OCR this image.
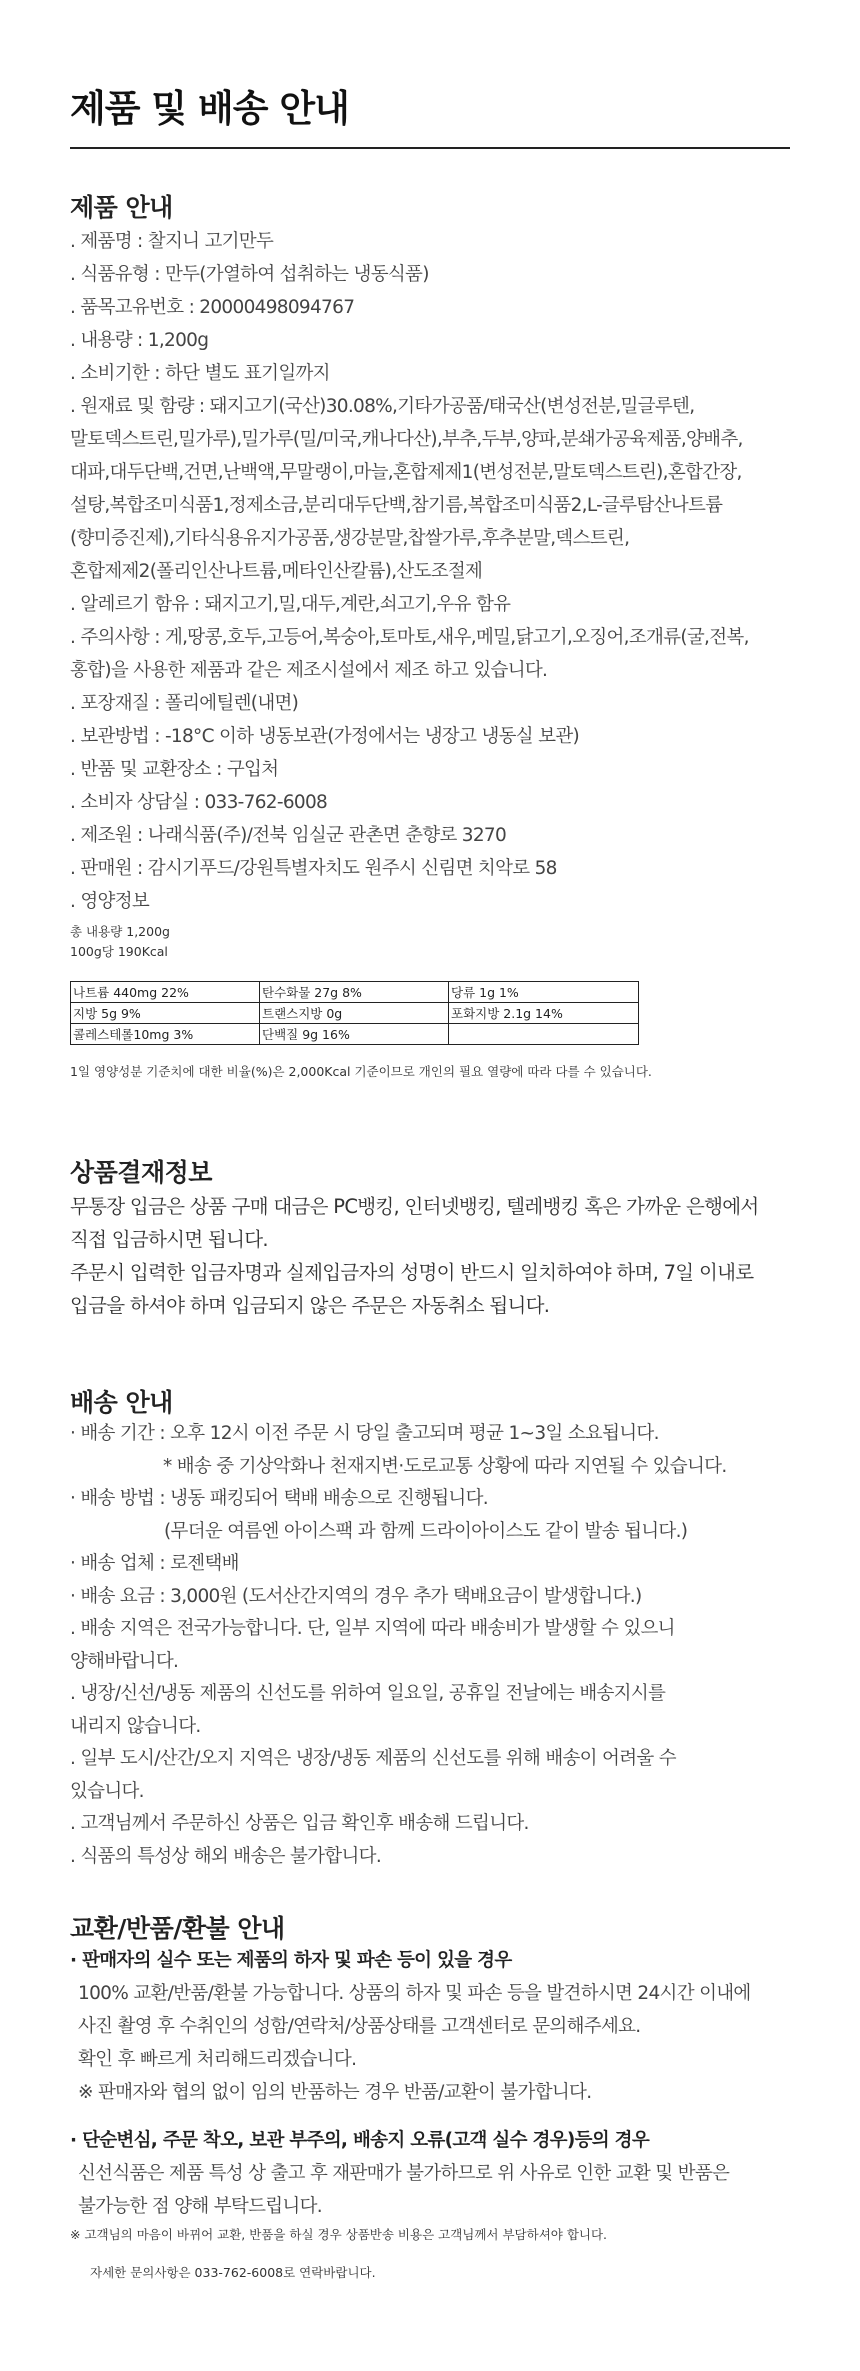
제품 및 배송 안내
제품 안내
. 제품명 : 찰지니 고기만두
. 식품유형 : 만두(가열하여 섭취하는 냉동식품)
. 품목고유번호 : 20000498094767
. 내용량 : 1,200g
. 소비기한 : 하단 별도 표기일까지
. 원재료 및 함량 : 돼지고기(국산)30.08%,기타가공품/태국산(변성전분,밀글루텐,
말토덱스트린,밀가루),밀가루(밀/미국,캐나다산),부추,두부,양파,분쇄가공육제품,양배추,
대파,대두단백,건면,난백액,무말랭이,마늘,혼합제제1(변성전분,말토덱스트린),혼합간장,
설탕,복합조미식품1,정제소금,분리대두단백,참기름,복합조미식품2,L-글루탐산나트륨
(향미증진제),기타식용유지가공품,생강분말,찹쌀가루,후추분말,덱스트린,
혼합제제2(폴리인산나트륨,메타인산칼륨),산도조절제
. 알레르기 함유 : 돼지고기,밀,대두,계란,쇠고기,우유 함유
. 주의사항 : 게,땅콩,호두,고등어,복숭아,토마토,새우,메밀,닭고기,오징어,조개류(굴,전복,
홍합)을 사용한 제품과 같은 제조시설에서 제조 하고 있습니다.
. 포장재질 : 폴리에틸렌(내면)
. 보관방법 : -18°C 이하 냉동보관(가정에서는 냉장고 냉동실 보관)
. 반품 및 교환장소 : 구입처
. 소비자 상담실 : 033-762-6008
. 제조원 : 나래식품(주)/전북 임실군 관촌면 춘향로 3270
. 판매원 : 감시기푸드/강원특별자치도 원주시 신림면 치악로 58
. 영양정보
총 내용량 1,200g
100g당 190Kcal
나트륨 440mg 22%	탄수화물 27g 8%	당류 1g 1%
지방 5g 9%	트랜스지방 0g	포화지방 2.1g 14%
콜레스테롤10mg 3%	단백질 9g 16%	
1일 영양성분 기준치에 대한 비율(%)은 2,000Kcal 기준이므로 개인의 필요 열량에 따라 다를 수 있습니다.
상품결재정보
무통장 입금은 상품 구매 대금은 PC뱅킹, 인터넷뱅킹, 텔레뱅킹 혹은 가까운 은행에서
직접 입금하시면 됩니다.
주문시 입력한 입금자명과 실제입금자의 성명이 반드시 일치하여야 하며, 7일 이내로
입금을 하셔야 하며 입금되지 않은 주문은 자동취소 됩니다.
배송 안내
· 배송 기간 : 오후 12시 이전 주문 시 당일 출고되며 평균 1~3일 소요됩니다.
* 배송 중 기상악화나 천재지변·도로교통 상황에 따라 지연될 수 있습니다.
· 배송 방법 : 냉동 패킹되어 택배 배송으로 진행됩니다.
(무더운 여름엔 아이스팩 과 함께 드라이아이스도 같이 발송 됩니다.)
· 배송 업체 : 로젠택배
· 배송 요금 : 3,000원 (도서산간지역의 경우 추가 택배요금이 발생합니다.)
. 배송 지역은 전국가능합니다. 단, 일부 지역에 따라 배송비가 발생할 수 있으니
양해바랍니다.
. 냉장/신선/냉동 제품의 신선도를 위하여 일요일, 공휴일 전날에는 배송지시를
내리지 않습니다.
. 일부 도시/산간/오지 지역은 냉장/냉동 제품의 신선도를 위해 배송이 어려울 수
있습니다.
. 고객님께서 주문하신 상품은 입금 확인후 배송해 드립니다.
. 식품의 특성상 해외 배송은 불가합니다.
교환/반품/환불 안내
· 판매자의 실수 또는 제품의 하자 및 파손 등이 있을 경우
100% 교환/반품/환불 가능합니다. 상품의 하자 및 파손 등을 발견하시면 24시간 이내에
사진 촬영 후 수취인의 성함/연락처/상품상태를 고객센터로 문의해주세요.
확인 후 빠르게 처리해드리겠습니다.
※ 판매자와 협의 없이 임의 반품하는 경우 반품/교환이 불가합니다.
· 단순변심, 주문 착오, 보관 부주의, 배송지 오류(고객 실수 경우)등의 경우
신선식품은 제품 특성 상 출고 후 재판매가 불가하므로 위 사유로 인한 교환 및 반품은
불가능한 점 양해 부탁드립니다.
※ 고객님의 마음이 바뀌어 교환, 반품을 하실 경우 상품반송 비용은 고객님께서 부담하셔야 합니다.
자세한 문의사항은 033-762-6008로 연락바랍니다.
